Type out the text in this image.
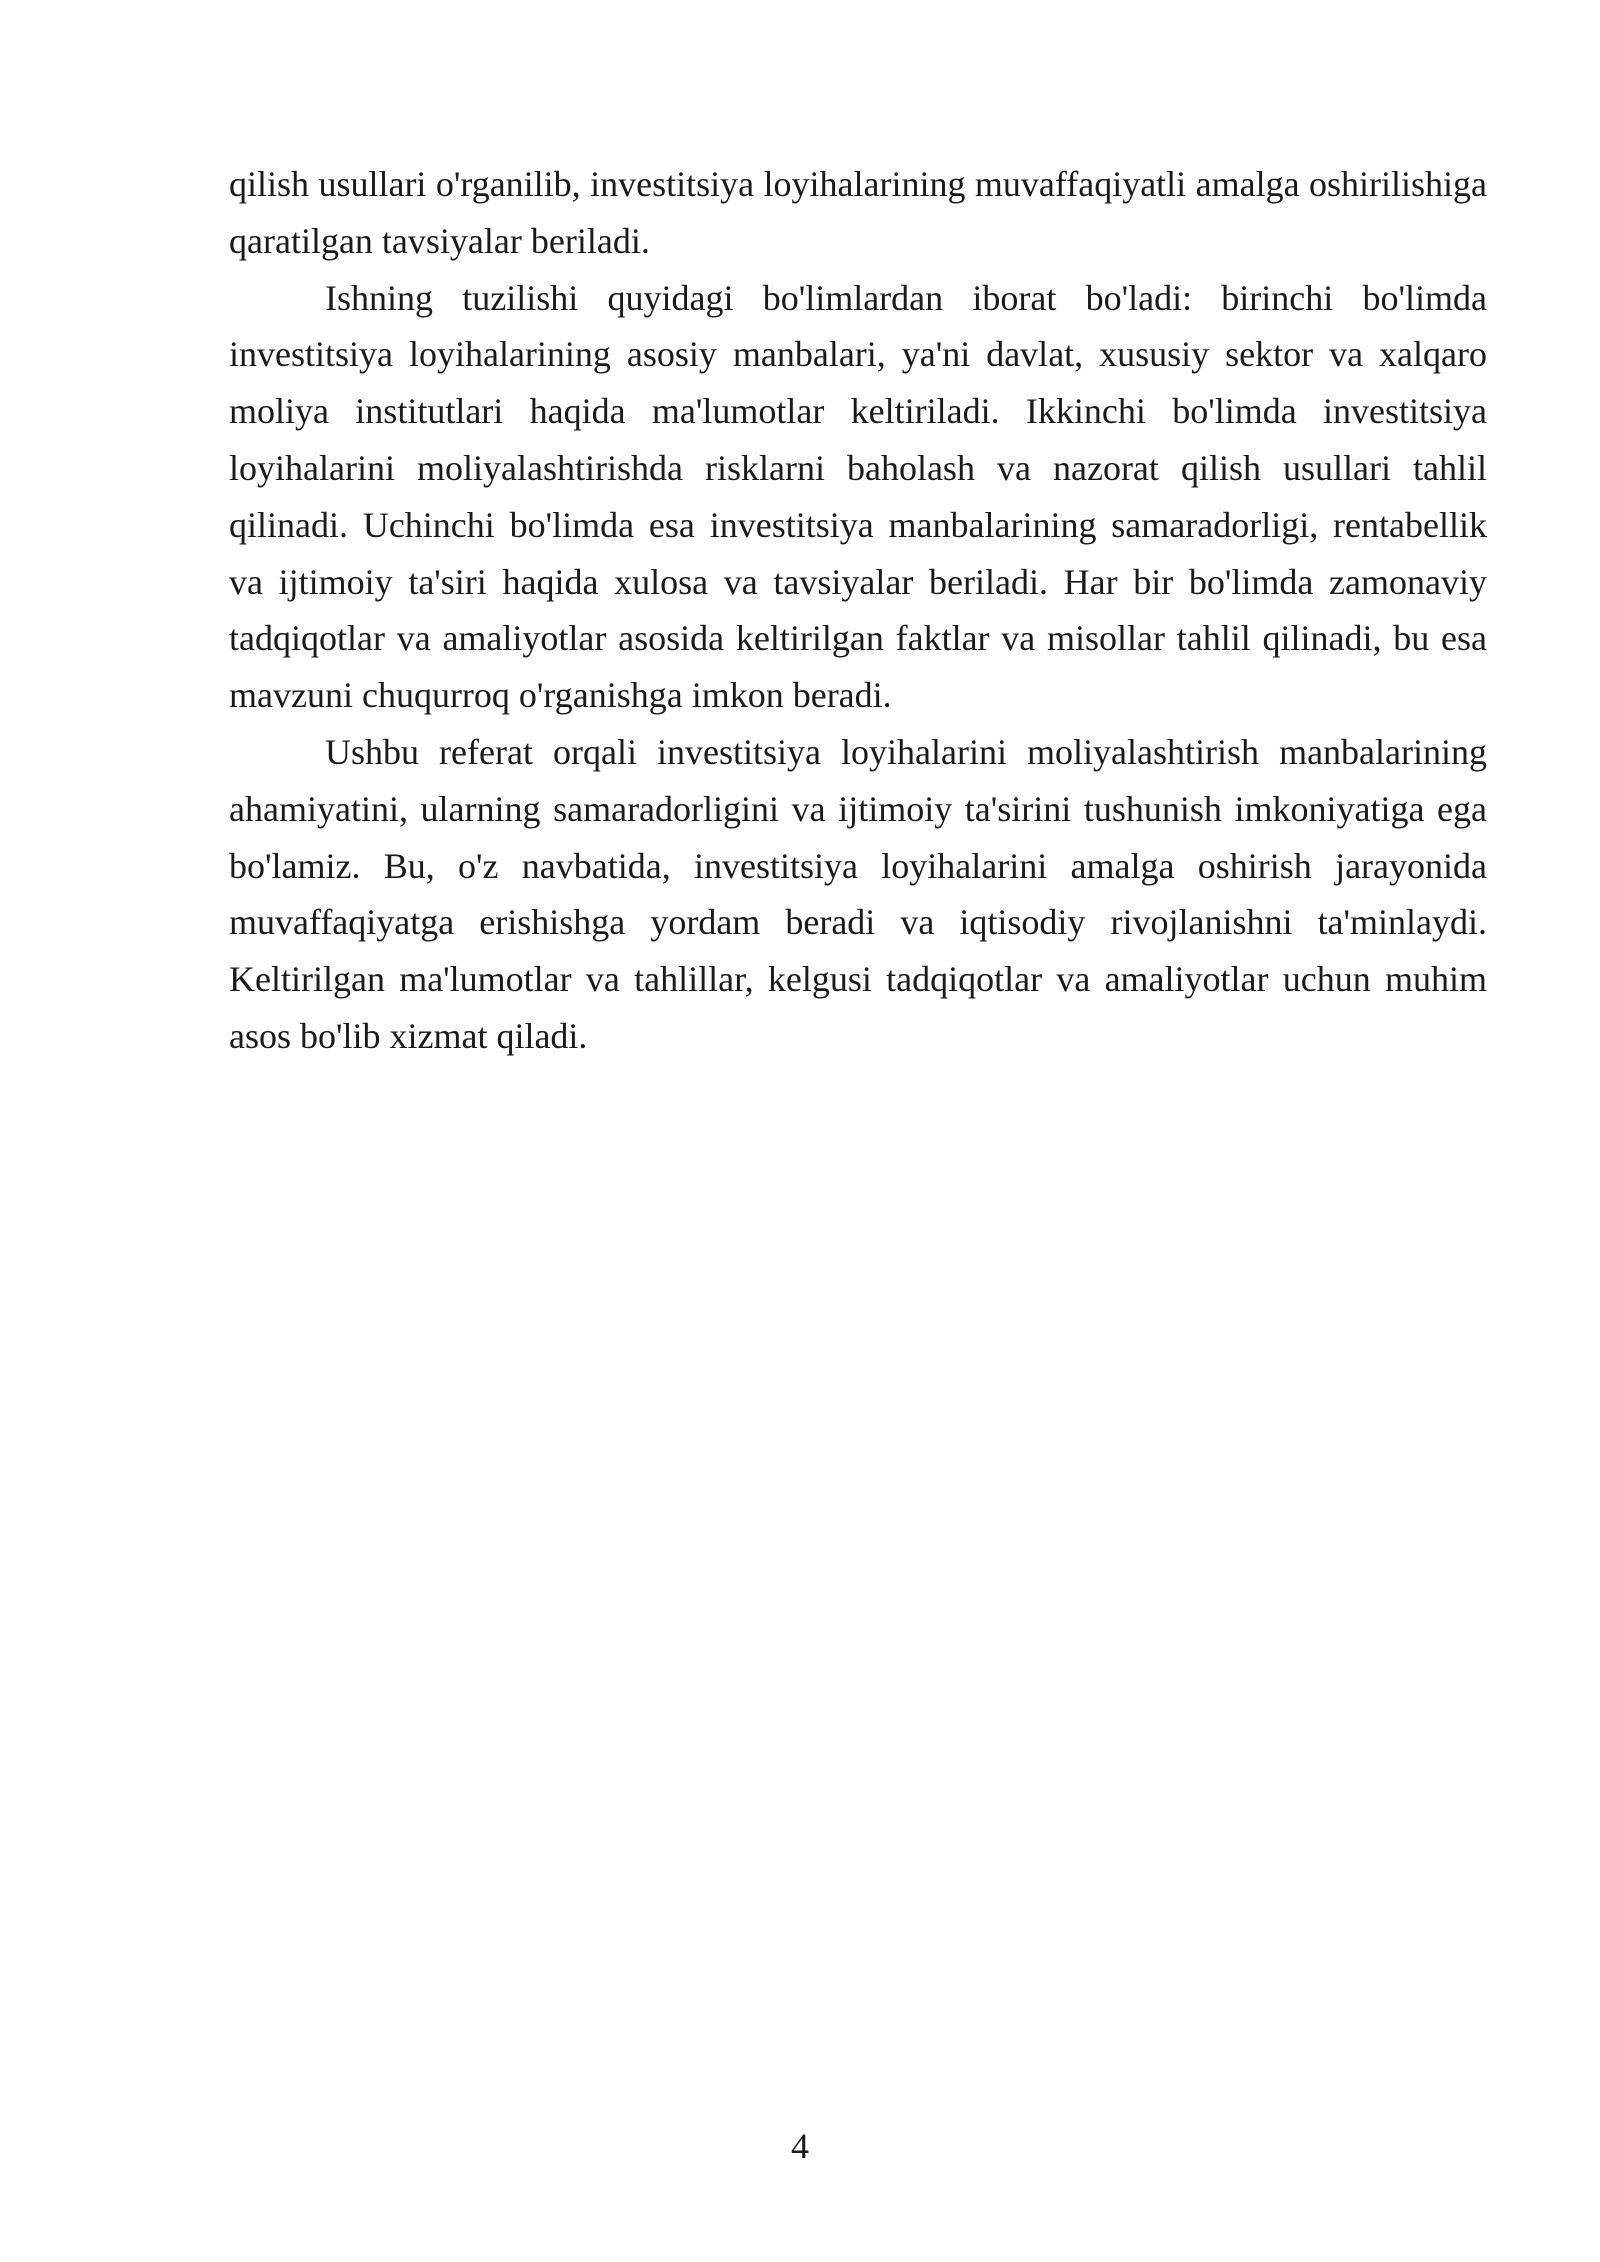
qilish usullari o'rganilib, investitsiya loyihalarining muvaffaqiyatli amalga oshirilishiga qaratilgan tavsiyalar beriladi.

Ishning tuzilishi quyidagi bo'limlardan iborat bo'ladi: birinchi bo'limda investitsiya loyihalarining asosiy manbalari, ya'ni davlat, xususiy sektor va xalqaro moliya institutlari haqida ma'lumotlar keltiriladi. Ikkinchi bo'limda investitsiya loyihalarini moliyalashtirishda risklarni baholash va nazorat qilish usullari tahlil qilinadi. Uchinchi bo'limda esa investitsiya manbalarining samaradorligi, rentabellik va ijtimoiy ta'siri haqida xulosa va tavsiyalar beriladi. Har bir bo'limda zamonaviy tadqiqotlar va amaliyotlar asosida keltirilgan faktlar va misollar tahlil qilinadi, bu esa mavzuni chuqurroq o'rganishga imkon beradi.

Ushbu referat orqali investitsiya loyihalarini moliyalashtirish manbalarining ahamiyatini, ularning samaradorligini va ijtimoiy ta'sirini tushunish imkoniyatiga ega bo'lamiz. Bu, o'z navbatida, investitsiya loyihalarini amalga oshirish jarayonida muvaffaqiyatga erishishga yordam beradi va iqtisodiy rivojlanishni ta'minlaydi. Keltirilgan ma'lumotlar va tahlillar, kelgusi tadqiqotlar va amaliyotlar uchun muhim asos bo'lib xizmat qiladi.

4
